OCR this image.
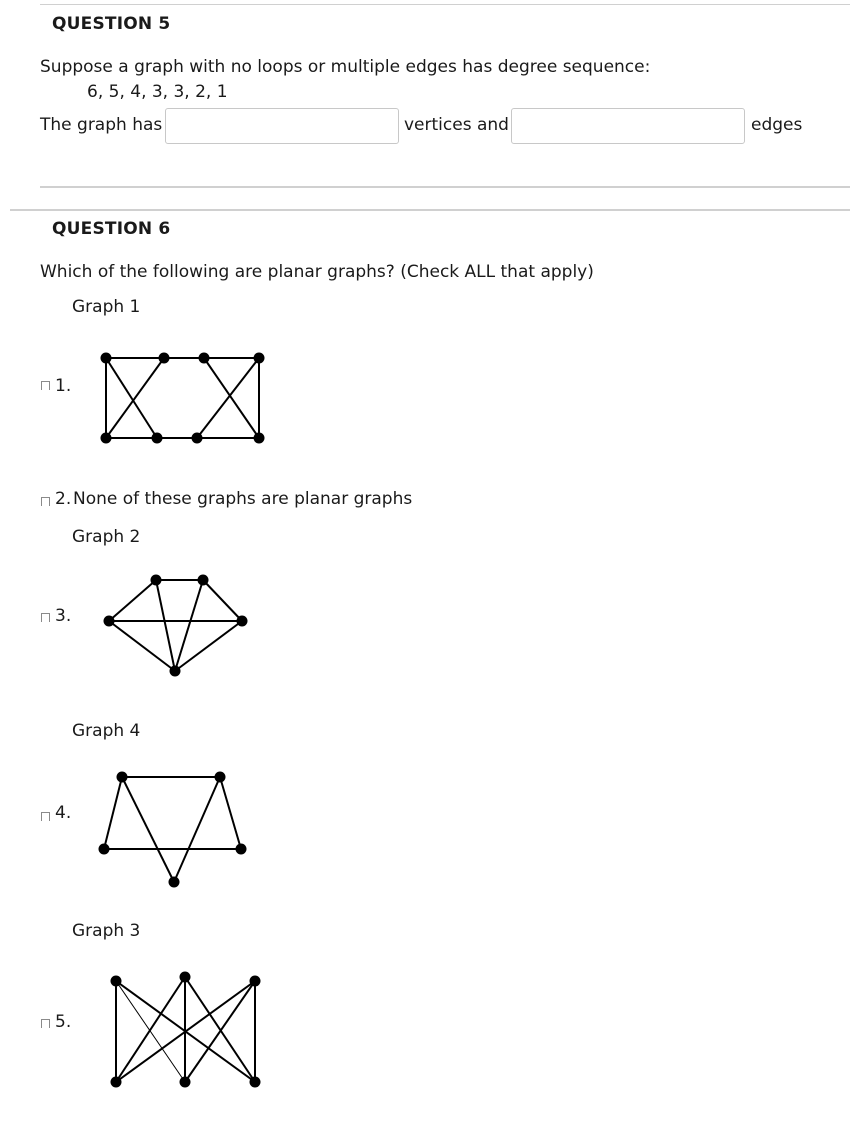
QUESTION 5
Suppose a graph with no loops or multiple edges has degree sequence:
6, 5, 4, 3, 3, 2, 1
The graph has	vertices and	edges
QUESTION 6
Which of the following are planar graphs? (Check ALL that apply)
Graph 1
1.
2. None of these graphs are planar graphs
Graph 2
3.
Graph 4
4.
Graph 3
5.
